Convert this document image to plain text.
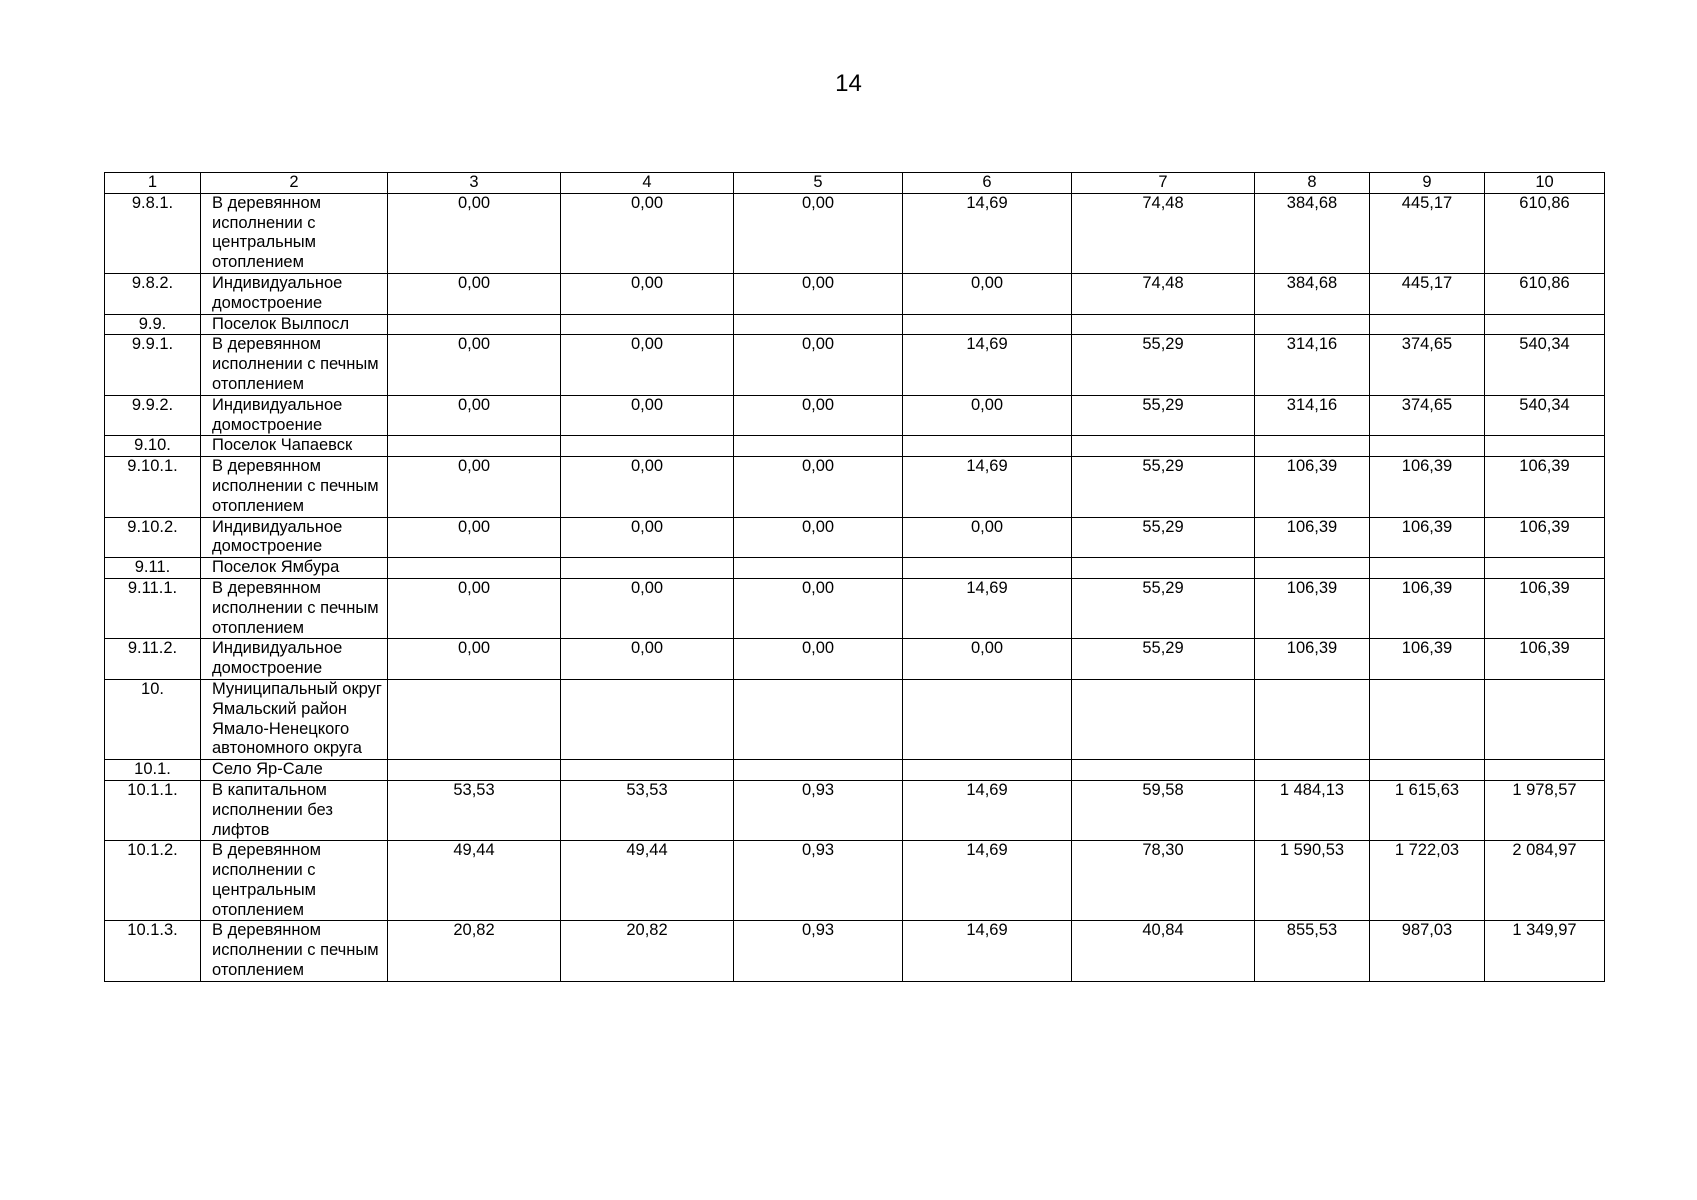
14
1	2	3	4	5	6	7	8	9	10
9.8.1.	В деревянном исполнении с центральным отоплением	0,00	0,00	0,00	14,69	74,48	384,68	445,17	610,86
9.8.2.	Индивидуальное домостроение	0,00	0,00	0,00	0,00	74,48	384,68	445,17	610,86
9.9.	Поселок Вылпосл								
9.9.1.	В деревянном исполнении с печным отоплением	0,00	0,00	0,00	14,69	55,29	314,16	374,65	540,34
9.9.2.	Индивидуальное домостроение	0,00	0,00	0,00	0,00	55,29	314,16	374,65	540,34
9.10.	Поселок Чапаевск								
9.10.1.	В деревянном исполнении с печным отоплением	0,00	0,00	0,00	14,69	55,29	106,39	106,39	106,39
9.10.2.	Индивидуальное домостроение	0,00	0,00	0,00	0,00	55,29	106,39	106,39	106,39
9.11.	Поселок Ямбура								
9.11.1.	В деревянном исполнении с печным отоплением	0,00	0,00	0,00	14,69	55,29	106,39	106,39	106,39
9.11.2.	Индивидуальное домостроение	0,00	0,00	0,00	0,00	55,29	106,39	106,39	106,39
10.	Муниципальный округ Ямальский район Ямало-Ненецкого автономного округа								
10.1.	Село Яр-Сале								
10.1.1.	В капитальном исполнении без лифтов	53,53	53,53	0,93	14,69	59,58	1 484,13	1 615,63	1 978,57
10.1.2.	В деревянном исполнении с центральным отоплением	49,44	49,44	0,93	14,69	78,30	1 590,53	1 722,03	2 084,97
10.1.3.	В деревянном исполнении с печным отоплением	20,82	20,82	0,93	14,69	40,84	855,53	987,03	1 349,97
